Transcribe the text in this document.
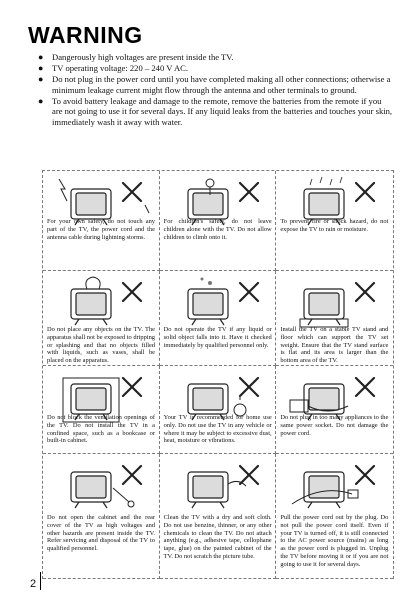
WARNING
● Dangerously high voltages are present inside the TV.
● TV operating voltage: 220 – 240 V AC.
● Do not plug in the power cord until you have completed making all other connections; otherwise a minimum leakage current might flow through the antenna and other terminals to ground.
● To avoid battery leakage and damage to the remote, remove the batteries from the remote if you are not going to use it for several days. If any liquid leaks from the batteries and touches your skin, immediately wash it away with water.
For your own safety, do not touch any part of the TV, the power cord and the antenna cable during lightning storms.
For children's safety, do not leave children alone with the TV. Do not allow children to climb onto it.
To prevent fire or shock hazard, do not expose the TV to rain or moisture.
Do not place any objects on the TV. The apparatus shall not be exposed to dripping or splashing and that no objects filled with liquids, such as vases, shall be placed on the apparatus.
Do not operate the TV if any liquid or solid object falls into it. Have it checked immediately by qualified personnel only.
Install the TV on a stable TV stand and floor which can support the TV set weight. Ensure that the TV stand surface is flat and its area is larger than the bottom area of the TV.
Do not block the ventilation openings of the TV. Do not install the TV in a confined space, such as a bookcase or built-in cabinet.
Your TV is recommended for home use only. Do not use the TV in any vehicle or where it may be subject to excessive dust, heat, moisture or vibrations.
Do not plug in too many appliances to the same power socket. Do not damage the power cord.
Do not open the cabinet and the rear cover of the TV as high voltages and other hazards are present inside the TV. Refer servicing and disposal of the TV to qualified personnel.
Clean the TV with a dry and soft cloth. Do not use benzine, thinner, or any other chemicals to clean the TV. Do not attach anything (e.g., adhesive tape, cellophane tape, glue) on the painted cabinet of the TV. Do not scratch the picture tube.
Pull the power cord out by the plug. Do not pull the power cord itself. Even if your TV is turned off, it is still connected to the AC power source (mains) as long as the power cord is plugged in. Unplug the TV before moving it or if you are not going to use it for several days.
2
